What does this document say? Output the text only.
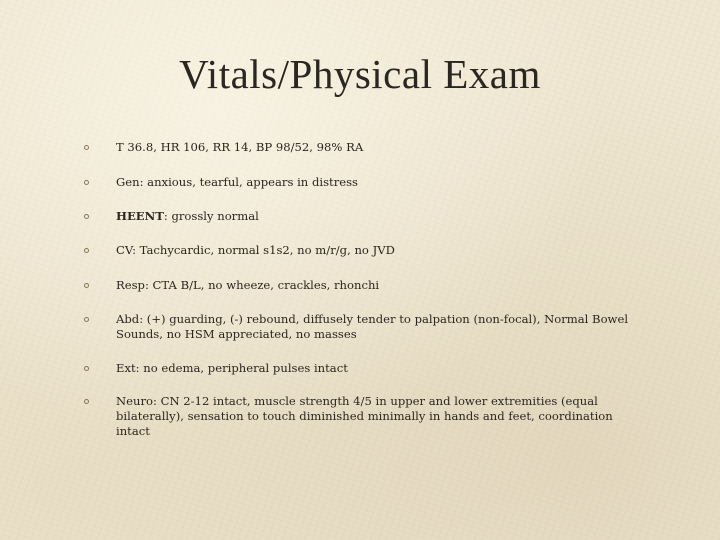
Vitals/Physical Exam
T 36.8, HR 106, RR 14, BP 98/52, 98% RA
Gen: anxious, tearful, appears in distress
HEENT: grossly normal
CV: Tachycardic, normal s1s2, no m/r/g, no JVD
Resp: CTA B/L, no wheeze, crackles, rhonchi
Abd: (+) guarding, (-) rebound, diffusely tender to palpation (non-focal), Normal Bowel Sounds, no HSM appreciated, no masses
Ext: no edema, peripheral pulses intact
Neuro: CN 2-12 intact, muscle strength 4/5 in upper and lower extremities (equal bilaterally), sensation to touch diminished minimally in hands and feet, coordination intact
